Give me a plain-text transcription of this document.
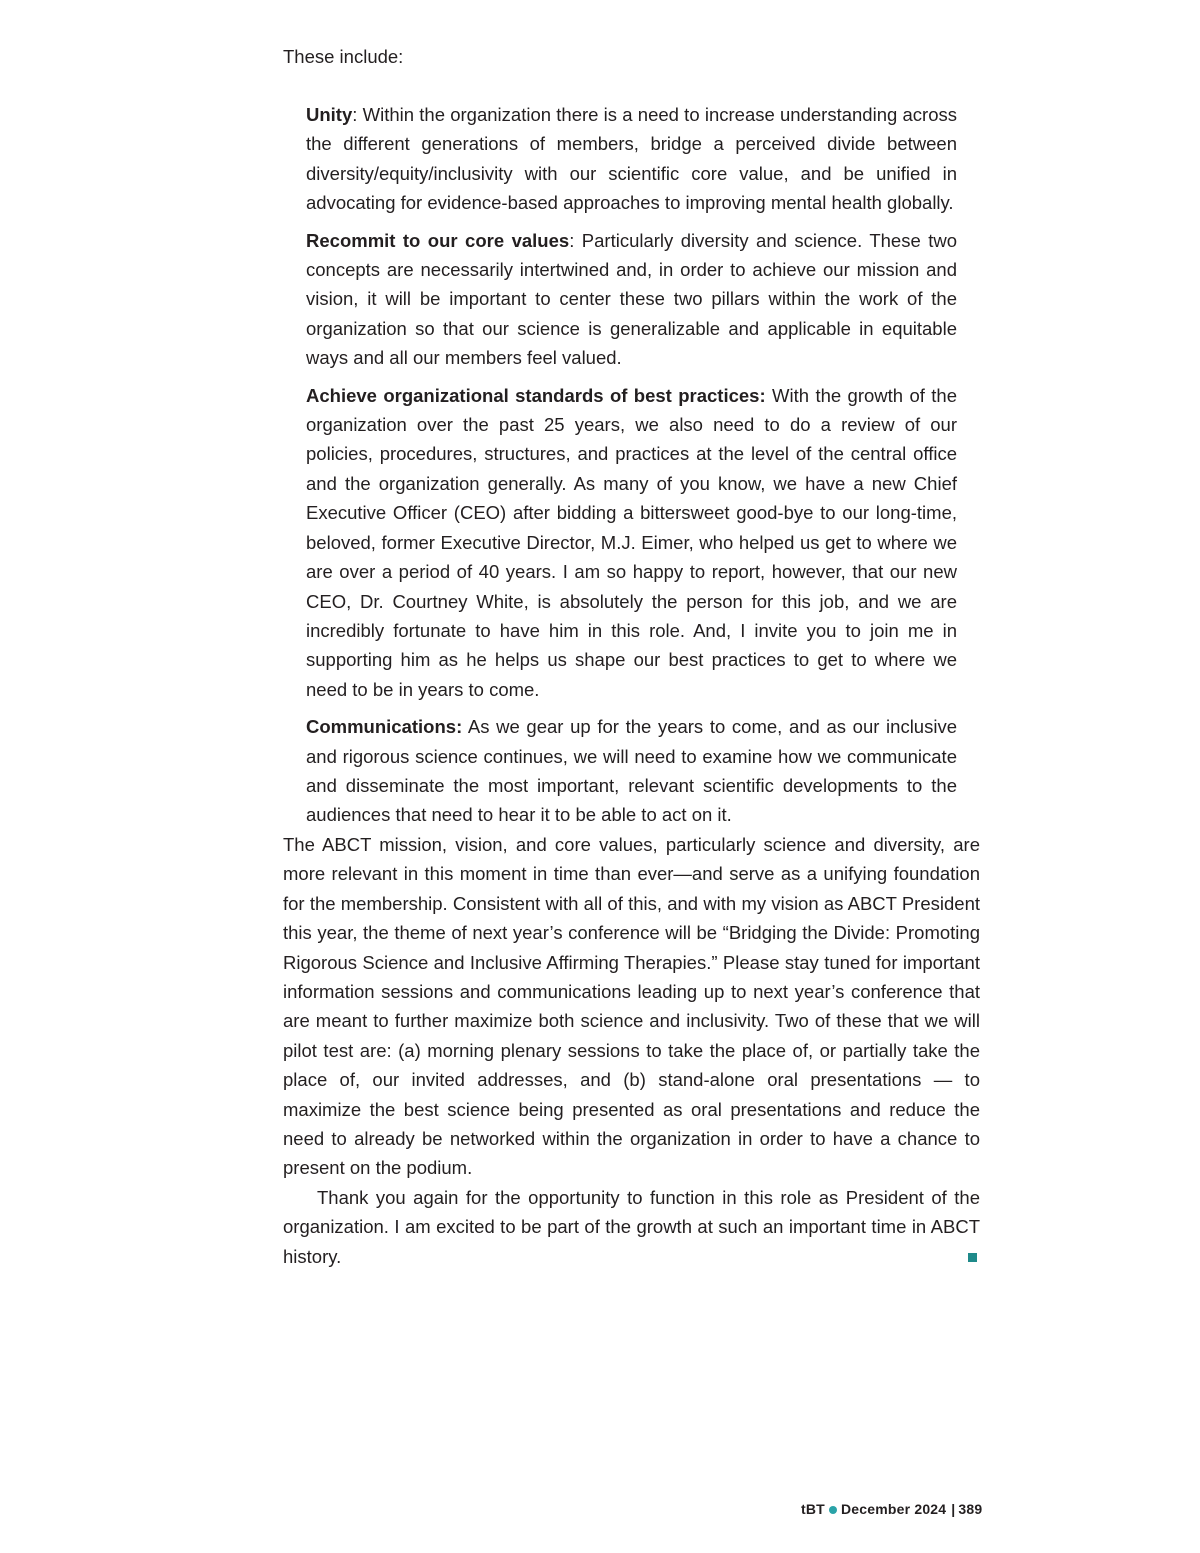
These include:

Unity: Within the organization there is a need to increase understanding across the different generations of members, bridge a perceived divide between diversity/equity/inclusivity with our scientific core value, and be unified in advocating for evidence-based approaches to improving mental health globally.

Recommit to our core values: Particularly diversity and science. These two concepts are necessarily intertwined and, in order to achieve our mission and vision, it will be important to center these two pillars within the work of the organization so that our science is generalizable and applicable in equitable ways and all our members feel valued.

Achieve organizational standards of best practices: With the growth of the organization over the past 25 years, we also need to do a review of our policies, procedures, structures, and practices at the level of the central office and the organization generally. As many of you know, we have a new Chief Executive Officer (CEO) after bidding a bittersweet good-bye to our long-time, beloved, former Executive Director, M.J. Eimer, who helped us get to where we are over a period of 40 years. I am so happy to report, however, that our new CEO, Dr. Courtney White, is absolutely the person for this job, and we are incredibly fortunate to have him in this role. And, I invite you to join me in supporting him as he helps us shape our best practices to get to where we need to be in years to come.

Communications: As we gear up for the years to come, and as our inclusive and rigorous science continues, we will need to examine how we communicate and disseminate the most important, relevant scientific developments to the audiences that need to hear it to be able to act on it.

The ABCT mission, vision, and core values, particularly science and diversity, are more relevant in this moment in time than ever—and serve as a unifying foundation for the membership. Consistent with all of this, and with my vision as ABCT President this year, the theme of next year’s conference will be “Bridging the Divide: Promoting Rigorous Science and Inclusive Affirming Therapies.” Please stay tuned for important information sessions and communications leading up to next year’s conference that are meant to further maximize both science and inclusivity. Two of these that we will pilot test are: (a) morning plenary sessions to take the place of, or partially take the place of, our invited addresses, and (b) stand-alone oral presentations — to maximize the best science being presented as oral presentations and reduce the need to already be networked within the organization in order to have a chance to present on the podium.

Thank you again for the opportunity to function in this role as President of the organization. I am excited to be part of the growth at such an important time in ABCT history.

tBT December 2024 | 389
